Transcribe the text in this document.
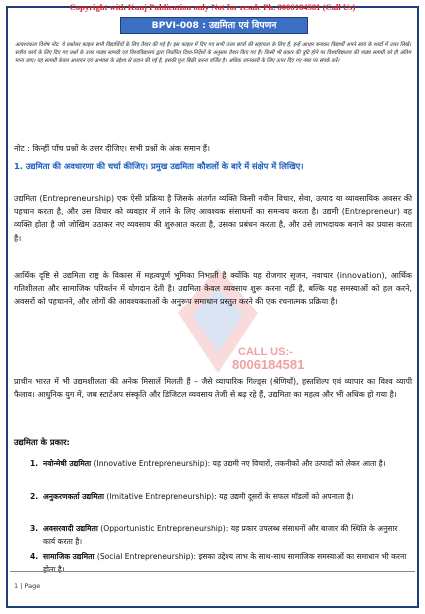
Copyright with Kunj Publication only Not for resale Ph. 8006184581 (Call Us)
BPVI-008 : उद्यमिता एवं विपणन
CALL US:-
8006184581
आवश्यकता विशेष नोट: ये प्रश्नोत्तर फ़ाइल सभी विद्यार्थियों के लिए तैयार की गई है। इस फ़ाइल में दिए गए सभी उत्तर छात्रों की सहायता के लिए हैं, इन्हें आधार बनाकर विद्यार्थी अपने स्वयं के शब्दों में उत्तर लिखें। सत्रीय कार्य के लिए दिए गए प्रश्नों के उत्तर पाठ्य सामग्री एवं विश्वविद्यालय द्वारा निर्धारित दिशा-निर्देशों के अनुसार तैयार किए गए हैं। किसी भी प्रकार की त्रुटि होने पर विश्वविद्यालय की पाठ्य सामग्री को ही अंतिम माना जाए। यह सामग्री केवल अध्ययन एवं अभ्यास के उद्देश्य से प्रदान की गई है, इसकी पुनः बिक्री करना वर्जित है। अधिक जानकारी के लिए ऊपर दिए गए नंबर पर संपर्क करें।
नोट : किन्हीं पाँच प्रश्नों के उत्तर दीजिए। सभी प्रश्नों के अंक समान हैं।
1. उद्यमिता की अवधारणा की चर्चा कीजिए। प्रमुख उद्यमिता कौशलों के बारे में संक्षेप में लिखिए।
उद्यमिता (Entrepreneurship) एक ऐसी प्रक्रिया है जिसके अंतर्गत व्यक्ति किसी नवीन विचार, सेवा, उत्पाद या व्यावसायिक अवसर की पहचान करता है, और उस विचार को व्यवहार में लाने के लिए आवश्यक संसाधनों का समन्वय करता है। उद्यमी (Entrepreneur) वह व्यक्ति होता है जो जोखिम उठाकर नए व्यवसाय की शुरुआत करता है, उसका प्रबंधन करता है, और उसे लाभदायक बनाने का प्रयास करता है।
आर्थिक दृष्टि से उद्यमिता राष्ट्र के विकास में महत्वपूर्ण भूमिका निभाती है क्योंकि यह रोजगार सृजन, नवाचार (innovation), आर्थिक गतिशीलता और सामाजिक परिवर्तन में योगदान देती है। उद्यमिता केवल व्यवसाय शुरू करना नहीं है, बल्कि यह समस्याओं को हल करने, अवसरों को पहचानने, और लोगों की आवश्यकताओं के अनुरूप समाधान प्रस्तुत करने की एक रचनात्मक प्रक्रिया है।
प्राचीन भारत में भी उद्यमशीलता की अनेक मिसालें मिलती हैं – जैसे व्यापारिक गिल्ड्स (श्रेणियाँ), हस्तशिल्प एवं व्यापार का विश्व व्यापी फैलाव। आधुनिक युग में, जब स्टार्टअप संस्कृति और डिजिटल व्यवसाय तेजी से बढ़ रहे हैं, उद्यमिता का महत्व और भी अधिक हो गया है।
उद्यमिता के प्रकार:
1. नवोन्मेषी उद्यमिता (Innovative Entrepreneurship): यह उद्यमी नए विचारों, तकनीकों और उत्पादों को लेकर आता है।
2. अनुकरणकर्ता उद्यमिता (Imitative Entrepreneurship): यह उद्यमी दूसरों के सफल मॉडलों को अपनाता है।
3. अवसरवादी उद्यमिता (Opportunistic Entrepreneurship): यह प्रकार उपलब्ध संसाधनों और बाजार की स्थिति के अनुसार कार्य करता है।
4. सामाजिक उद्यमिता (Social Entrepreneurship): इसका उद्देश्य लाभ के साथ-साथ सामाजिक समस्याओं का समाधान भी करना होता है।
1 | Page
